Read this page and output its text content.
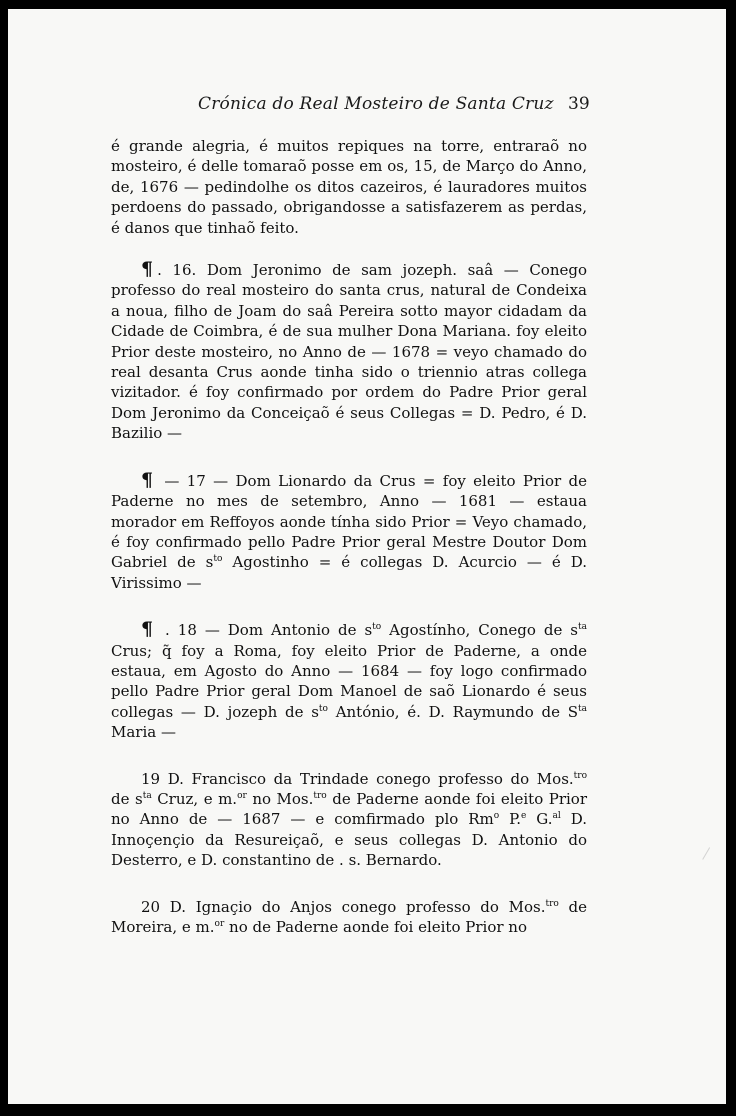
Crónica do Real Mosteiro de Santa Cruz 39

é grande alegria, é muitos repiques na torre, entraraõ no mosteiro, é delle tomaraõ posse em os, 15, de Março do Anno, de, 1676 — pedindolhe os ditos cazeiros, é lauradores muitos perdoens do passado, obrigandosse a satisfazerem as perdas, é danos que tinhaõ feito.

¶ . 16. Dom Jeronimo de sam jozeph. saâ — Conego professo do real mosteiro do santa crus, natural de Condeixa a noua, filho de Joam do saâ Pereira sotto mayor cidadam da Cidade de Coimbra, é de sua mulher Dona Mariana. foy eleito Prior deste mosteiro, no Anno de — 1678 = veyo chamado do real desanta Crus aonde tinha sido o triennio atras collega vizitador. é foy confirmado por ordem do Padre Prior geral Dom Jeronimo da Conceiçaõ é seus Collegas = D. Pedro, é D. Bazilio —

¶ — 17 — Dom Lionardo da Crus = foy eleito Prior de Paderne no mes de setembro, Anno — 1681 — estaua morador em Reffoyos aonde tínha sido Prior = Veyo chamado, é foy confirmado pello Padre Prior geral Mestre Doutor Dom Gabriel de $s^{to}$ Agostinho = é collegas D. Acurcio — é D. Virissimo —

¶ . 18 — Dom Antonio de $s^{to}$ Agostínho, Conego de $s^{ta}$ Crus; q̃ foy a Roma, foy eleito Prior de Paderne, a onde estaua, em Agosto do Anno — 1684 — foy logo confirmado pello Padre Prior geral Dom Manoel de saõ Lionardo é seus collegas — D. jozeph de $s^{to}$ António, é. D. Raymundo de $S^{ta}$ Maria —

19 D. Francisco da Trindade conego professo do Mos.$^{tro}$ de $s^{ta}$ Cruz, e m.$^{or}$ no Mos.$^{tro}$ de Paderne aonde foi eleito Prior no Anno de — 1687 — e comfirmado plo Rm$^o$ P.$^e$ G.$^{al}$ D. Innoçençio da Resureiçaõ, e seus collegas D. Antonio do Desterro, e D. constantino de . s. Bernardo.

20 D. Ignaçio do Anjos conego professo do Mos.$^{tro}$ de Moreira, e m.$^{or}$ no de Paderne aonde foi eleito Prior no
